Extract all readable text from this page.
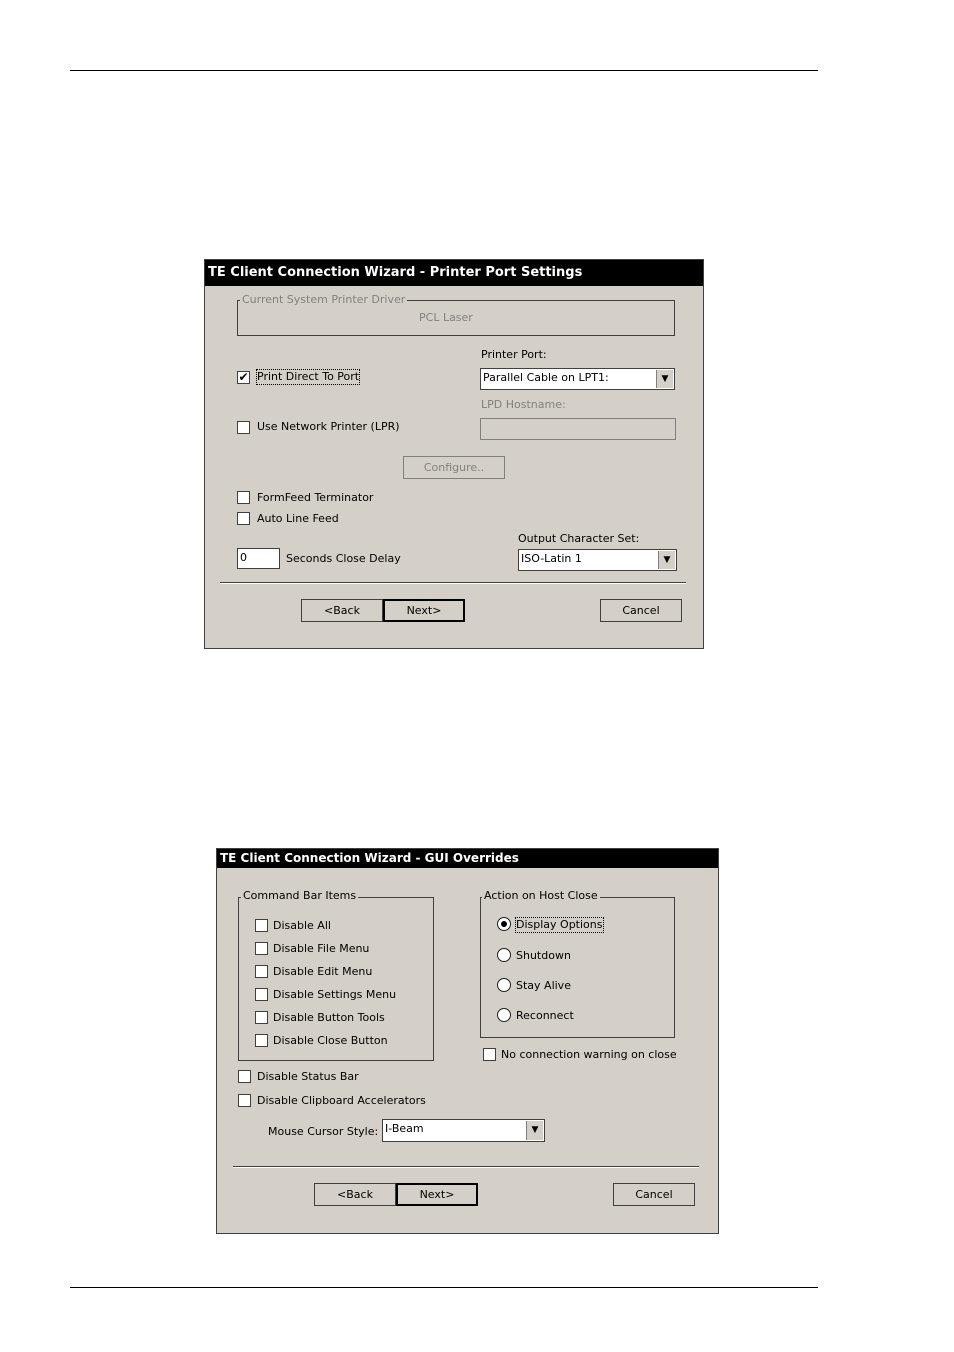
TE Client Connection Wizard - Printer Port Settings
Current System Printer Driver
PCL Laser
Printer Port:
✔ Print Direct To Port	Parallel Cable on LPT1:	▼
LPD Hostname:
Use Network Printer (LPR)
Configure..
FormFeed Terminator
Auto Line Feed
Output Character Set:
0	Seconds Close Delay	ISO-Latin 1	▼
<Back	Next>	Cancel
TE Client Connection Wizard - GUI Overrides
Command Bar Items
Disable All
Disable File Menu
Disable Edit Menu
Disable Settings Menu
Disable Button Tools
Disable Close Button
Action on Host Close
Display Options
Shutdown
Stay Alive
Reconnect
No connection warning on close
Disable Status Bar
Disable Clipboard Accelerators
Mouse Cursor Style: I-Beam	▼
<Back	Next>	Cancel
